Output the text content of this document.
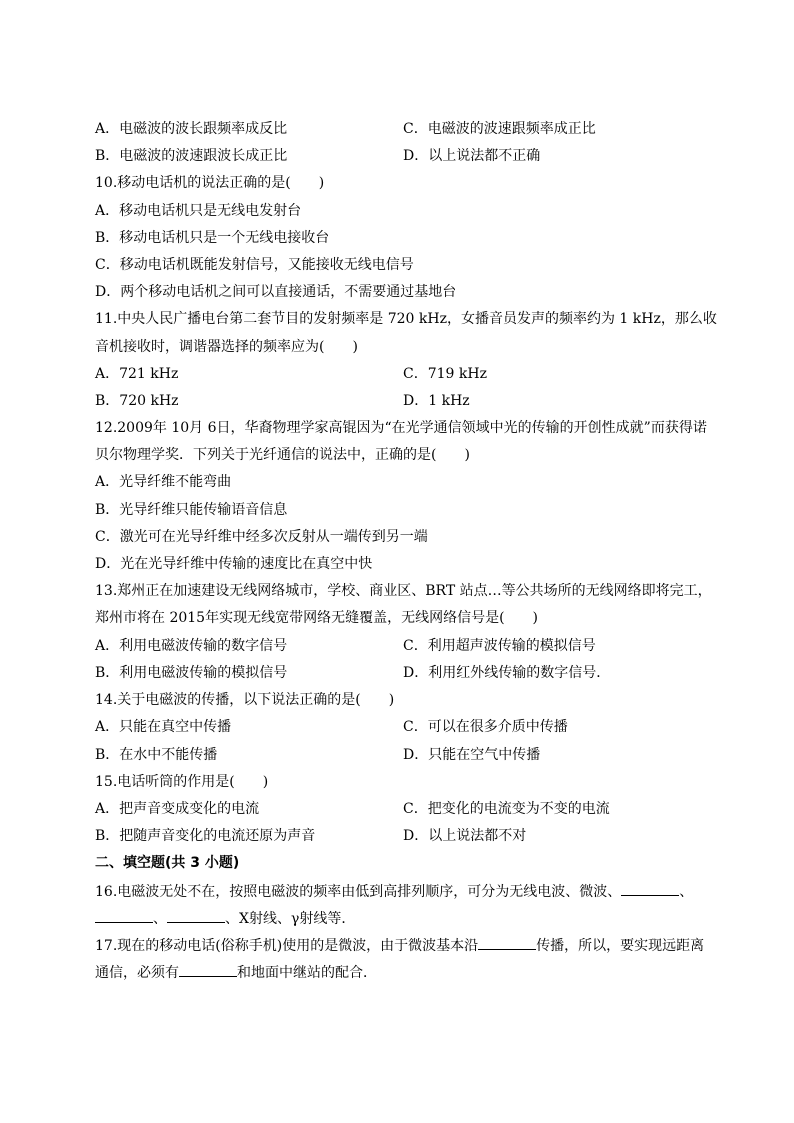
A．电磁波的波长跟频率成反比	C．电磁波的波速跟频率成正比
B．电磁波的波速跟波长成正比	D．以上说法都不正确
10.移动电话机的说法正确的是(　　)
A．移动电话机只是无线电发射台
B．移动电话机只是一个无线电接收台
C．移动电话机既能发射信号，又能接收无线电信号
D．两个移动电话机之间可以直接通话，不需要通过基地台
11.中央人民广播电台第二套节目的发射频率是 720 kHz，女播音员发声的频率约为 1 kHz，那么收
音机接收时，调谐器选择的频率应为(　　)
A．721 kHz	C．719 kHz
B．720 kHz	D．1 kHz
12.2009年 10月 6日，华裔物理学家高锟因为“在光学通信领域中光的传输的开创性成就”而获得诺
贝尔物理学奖．下列关于光纤通信的说法中，正确的是(　　)
A．光导纤维不能弯曲
B．光导纤维只能传输语音信息
C．激光可在光导纤维中经多次反射从一端传到另一端
D．光在光导纤维中传输的速度比在真空中快
13.郑州正在加速建设无线网络城市，学校、商业区、BRT 站点…等公共场所的无线网络即将完工，
郑州市将在 2015年实现无线宽带网络无缝覆盖，无线网络信号是(　　)
A．利用电磁波传输的数字信号	C．利用超声波传输的模拟信号
B．利用电磁波传输的模拟信号	D．利用红外线传输的数字信号．
14.关于电磁波的传播，以下说法正确的是(　　)
A．只能在真空中传播	C．可以在很多介质中传播
B．在水中不能传播	D．只能在空气中传播
15.电话听筒的作用是(　　)
A．把声音变成变化的电流	C．把变化的电流变为不变的电流
B．把随声音变化的电流还原为声音	D．以上说法都不对
二、填空题(共 3 小题)
16.电磁波无处不在，按照电磁波的频率由低到高排列顺序，可分为无线电波、微波、	、
、	、X射线、γ射线等．
17.现在的移动电话(俗称手机)使用的是微波，由于微波基本沿	传播，所以，要实现远距离
通信，必须有	和地面中继站的配合．
